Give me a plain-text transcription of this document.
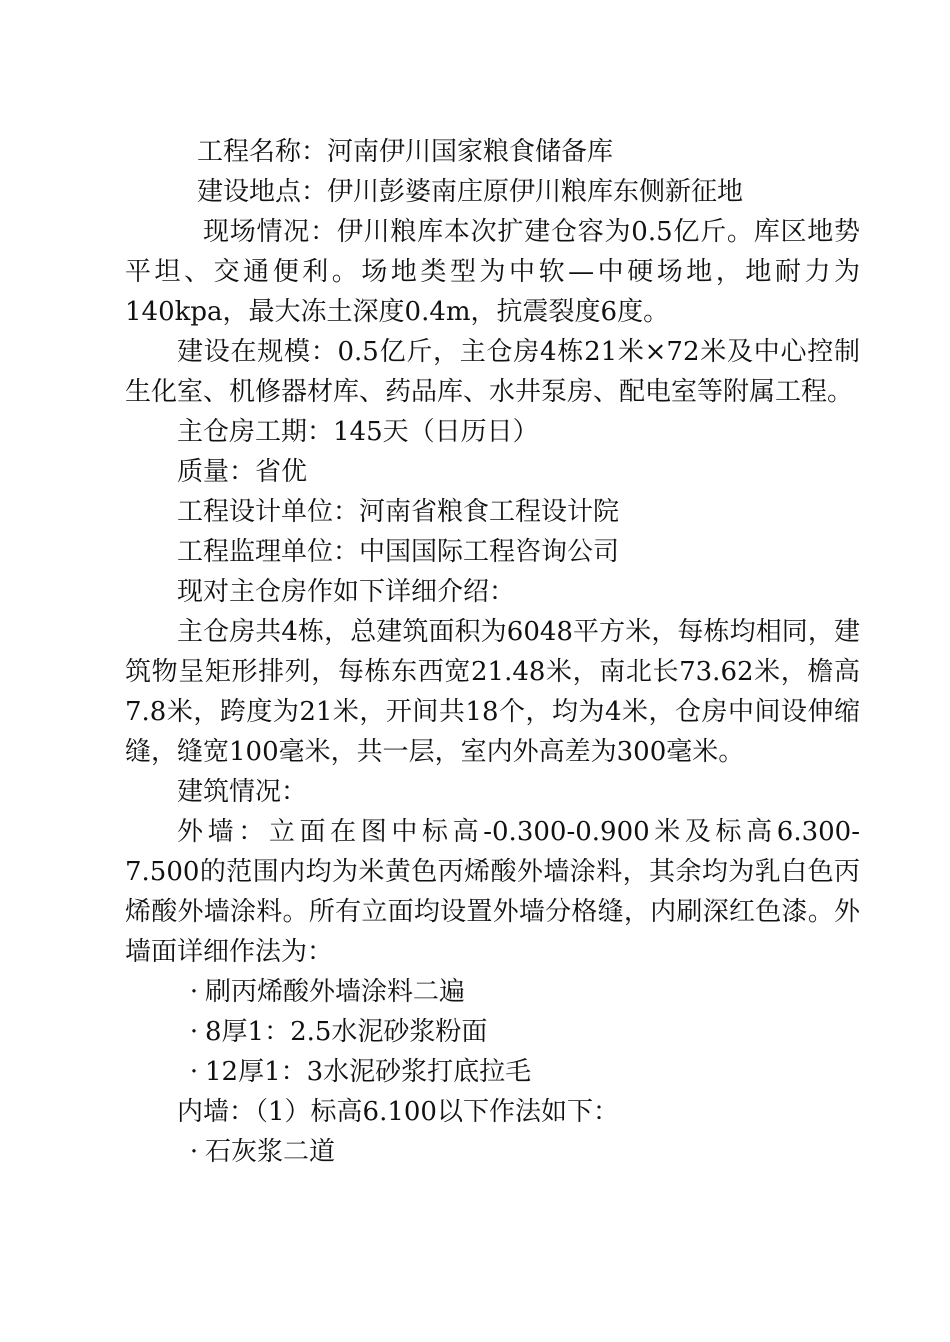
工程名称：河南伊川国家粮食储备库

建设地点：伊川彭婆南庄原伊川粮库东侧新征地

现场情况：伊川粮库本次扩建仓容为0.5亿斤。库区地势平坦、交通便利。场地类型为中软—中硬场地，地耐力为140kpa，最大冻土深度0.4m，抗震裂度6度。

建设在规模：0.5亿斤，主仓房4栋21米×72米及中心控制生化室、机修器材库、药品库、水井泵房、配电室等附属工程。

主仓房工期：145天（日历日）

质量：省优

工程设计单位：河南省粮食工程设计院

工程监理单位：中国国际工程咨询公司

现对主仓房作如下详细介绍：

主仓房共4栋，总建筑面积为6048平方米，每栋均相同，建筑物呈矩形排列，每栋东西宽21.48米，南北长73.62米，檐高7.8米，跨度为21米，开间共18个，均为4米，仓房中间设伸缩缝，缝宽100毫米，共一层，室内外高差为300毫米。

建筑情况：

外墙：立面在图中标高-0.300-0.900米及标高6.300-7.500的范围内均为米黄色丙烯酸外墙涂料，其余均为乳白色丙烯酸外墙涂料。所有立面均设置外墙分格缝，内刷深红色漆。外墙面详细作法为：

· 刷丙烯酸外墙涂料二遍

· 8厚1：2.5水泥砂浆粉面

· 12厚1：3水泥砂浆打底拉毛

内墙：（1）标高6.100以下作法如下：

· 石灰浆二道
